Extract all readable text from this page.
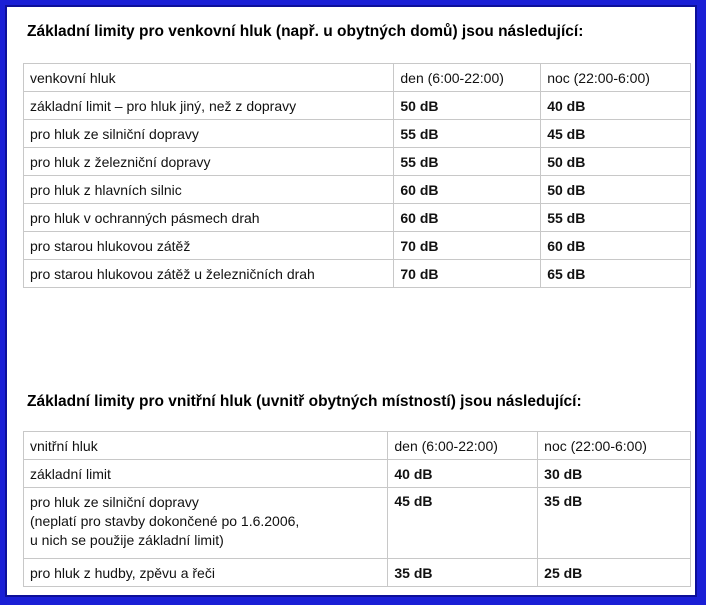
Základní limity pro venkovní hluk (např. u obytných domů) jsou následující:
venkovní hluk	den (6:00-22:00)	noc (22:00-6:00)
základní limit – pro hluk jiný, než z dopravy	50 dB	40 dB
pro hluk ze silniční dopravy	55 dB	45 dB
pro hluk z železniční dopravy	55 dB	50 dB
pro hluk z hlavních silnic	60 dB	50 dB
pro hluk v ochranných pásmech drah	60 dB	55 dB
pro starou hlukovou zátěž	70 dB	60 dB
pro starou hlukovou zátěž u železničních drah	70 dB	65 dB
Základní limity pro vnitřní hluk (uvnitř obytných místností) jsou následující:
vnitřní hluk	den (6:00-22:00)	noc (22:00-6:00)

základní limit	40 dB	30 dB

pro hluk ze silniční dopravy
(neplatí pro stavby dokončené po 1.6.2006,
u nich se použije základní limit)	45 dB	35 dB

pro hluk z hudby, zpěvu a řeči	35 dB	25 dB
